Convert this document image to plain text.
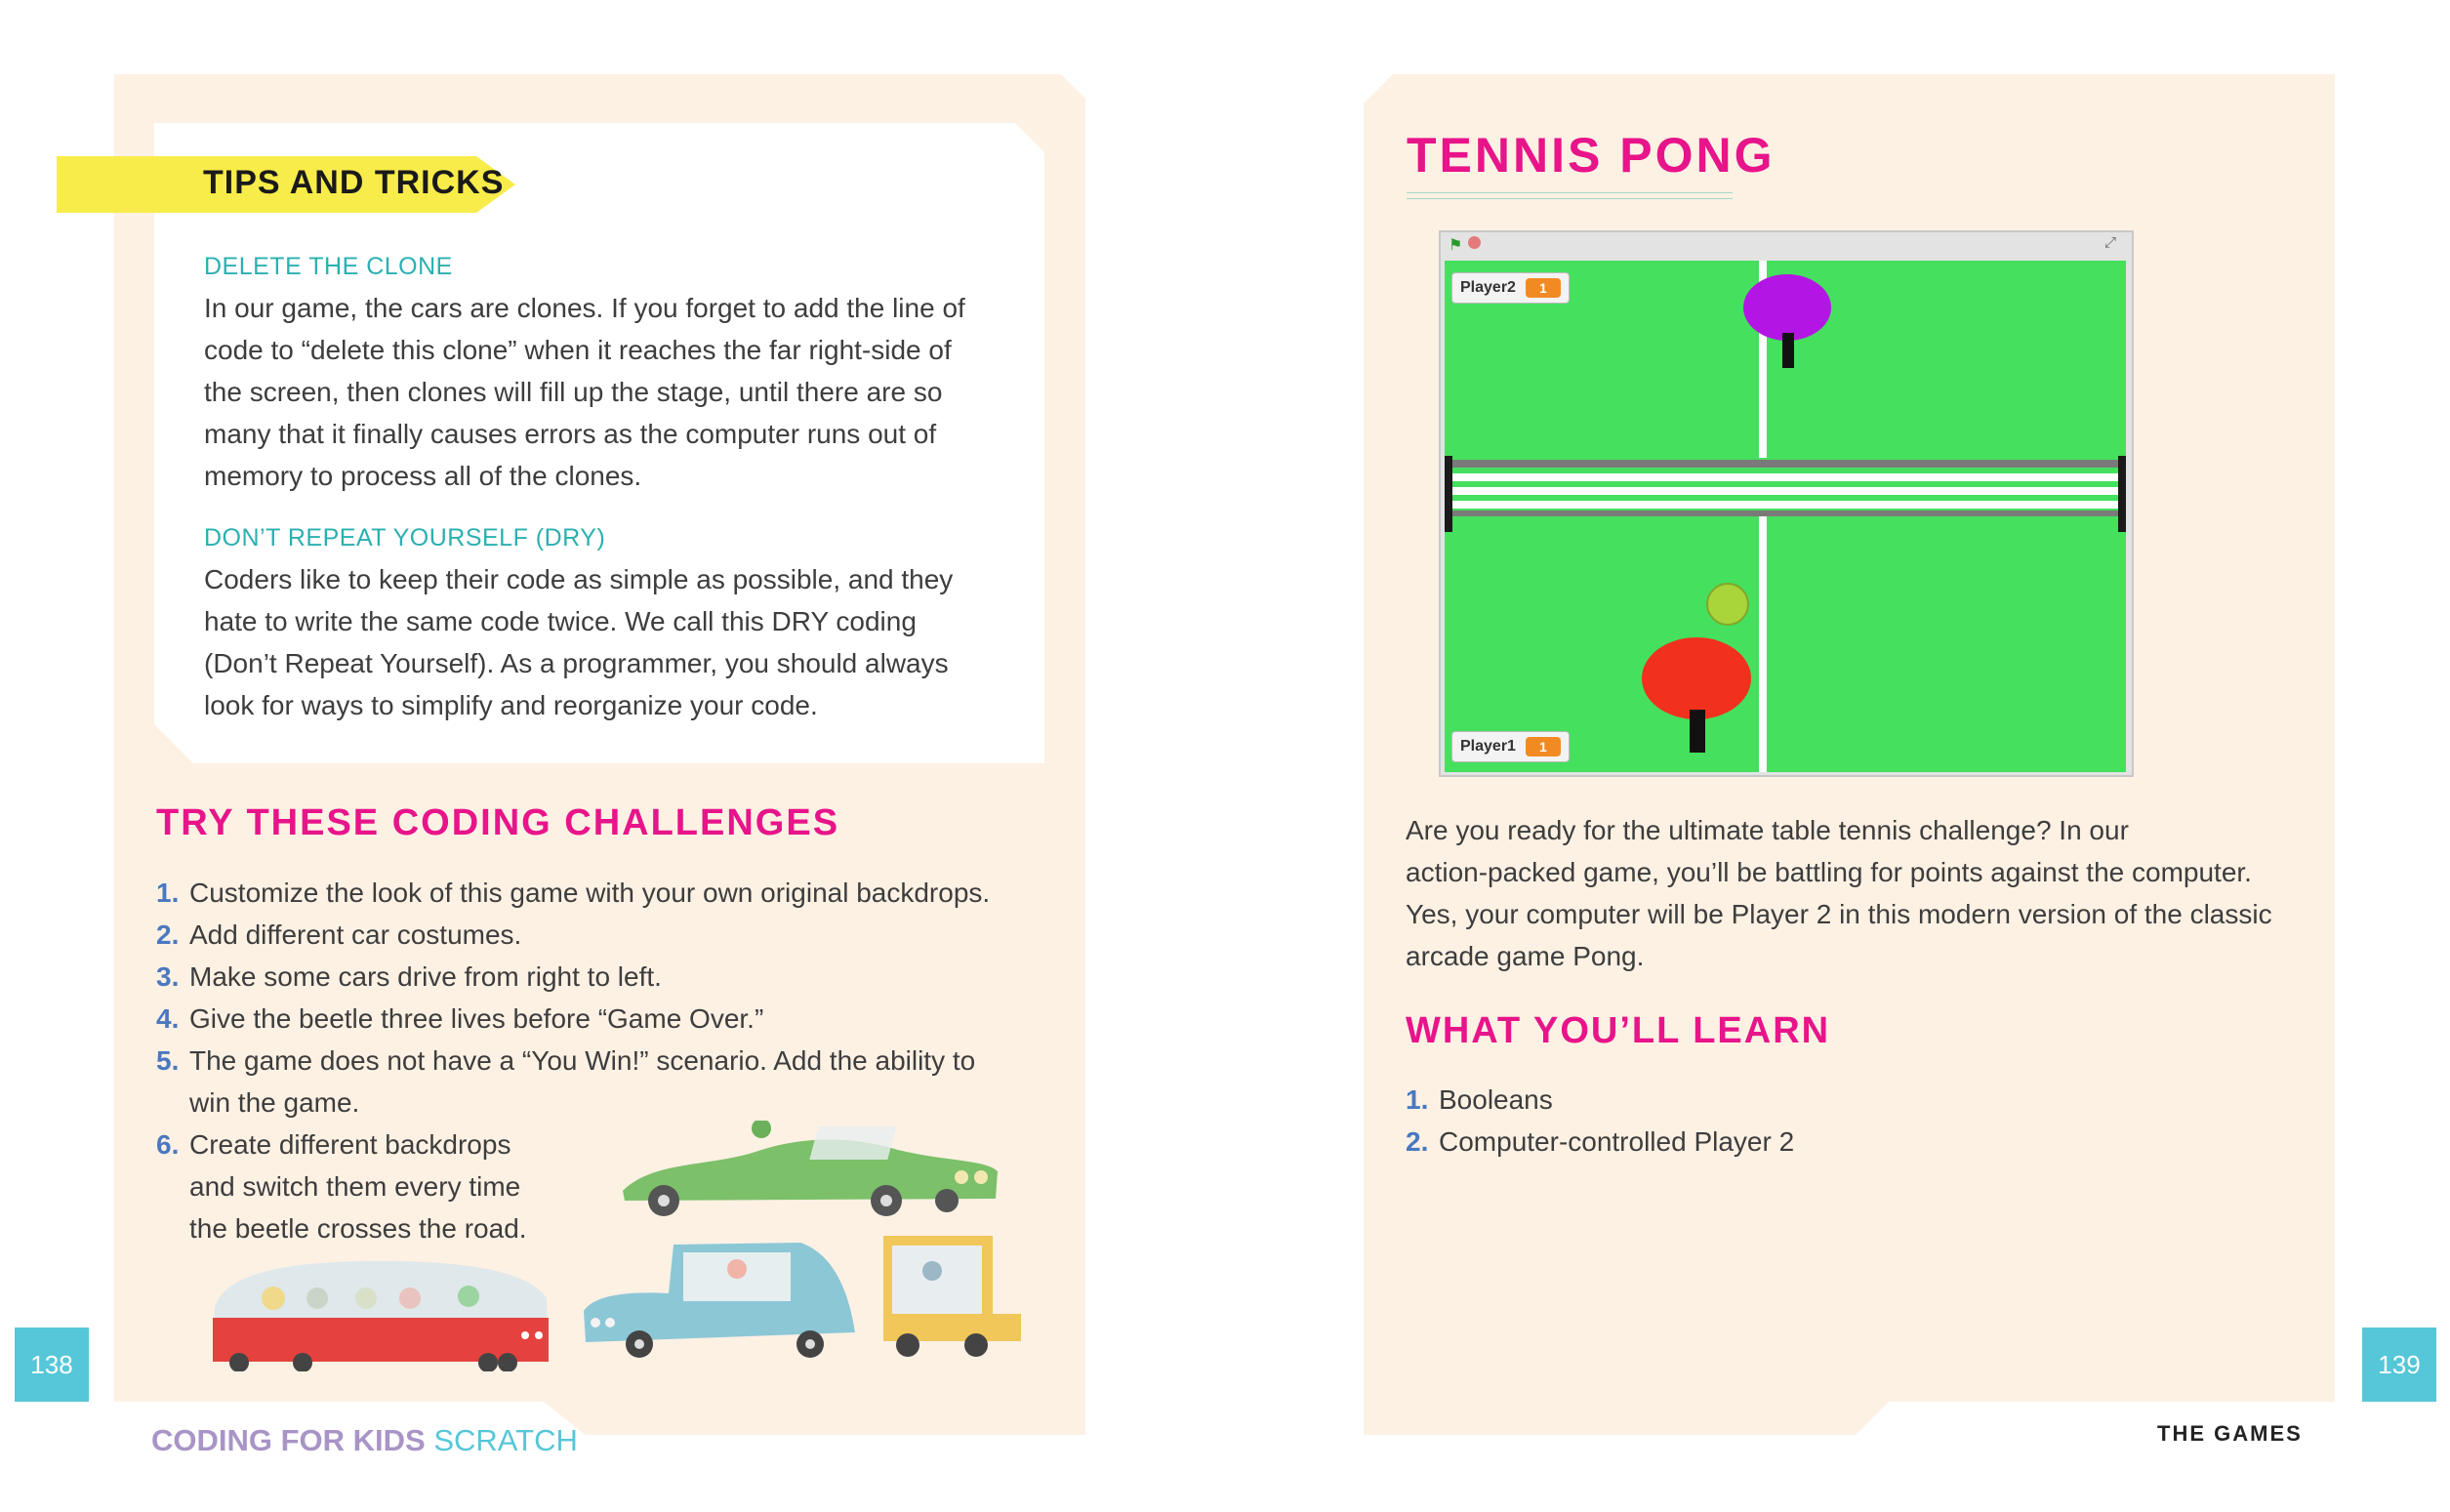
TIPS AND TRICKS
DELETE THE CLONE
In our game, the cars are clones. If you forget to add the line of
code to “delete this clone” when it reaches the far right-side of
the screen, then clones will fill up the stage, until there are so
many that it finally causes errors as the computer runs out of
memory to process all of the clones.
DON’T REPEAT YOURSELF (DRY)
Coders like to keep their code as simple as possible, and they
hate to write the same code twice. We call this DRY coding
(Don’t Repeat Yourself). As a programmer, you should always
look for ways to simplify and reorganize your code.
TRY THESE CODING CHALLENGES
1. Customize the look of this game with your own original backdrops.
2. Add different car costumes.
3. Make some cars drive from right to left.
4. Give the beetle three lives before “Game Over.”
5. The game does not have a “You Win!” scenario. Add the ability to
win the game.
6. Create different backdrops
and switch them every time
the beetle crosses the road.
138
CODING FOR KIDS SCRATCH
TENNIS PONG
⚑	⤢
Player2	1
Player1	1
Are you ready for the ultimate table tennis challenge? In our
action-packed game, you’ll be battling for points against the computer.
Yes, your computer will be Player 2 in this modern version of the classic
arcade game Pong.
WHAT YOU’LL LEARN
1. Booleans
2. Computer-controlled Player 2
139
THE GAMES
